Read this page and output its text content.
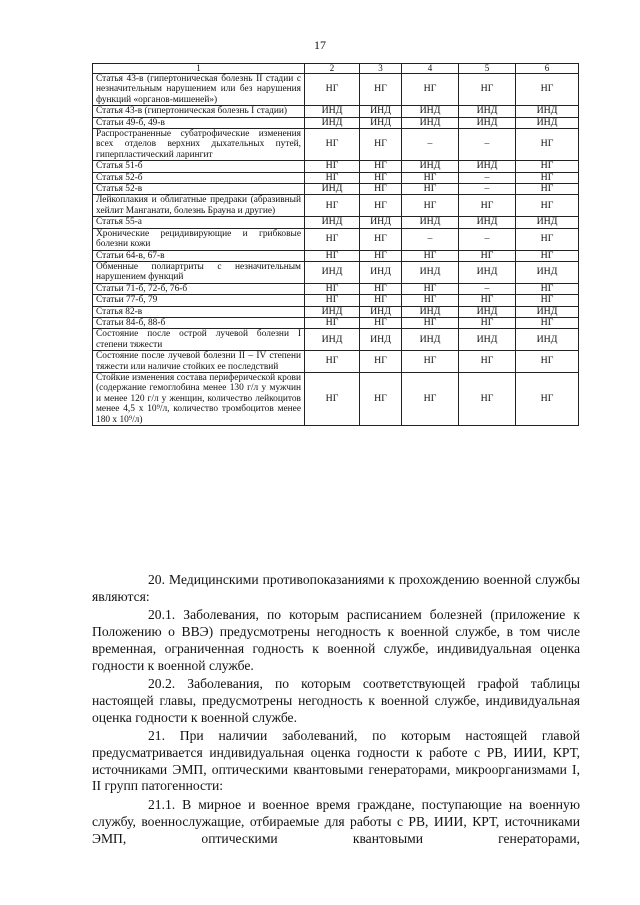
17
1	2	3	4	5	6
Статья 43-в (гипертоническая болезнь II стадии с незначительным нарушением или без нарушения функций «органов-мишеней»)	НГ	НГ	НГ	НГ	НГ
Статья 43-в (гипертоническая болезнь I стадии)	ИНД	ИНД	ИНД	ИНД	ИНД
Статьи 49-б, 49-в	ИНД	ИНД	ИНД	ИНД	ИНД
Распространенные субатрофические изменения всех отделов верхних дыхательных путей, гиперпластический ларингит	НГ	НГ	–	–	НГ
Статья 51-б	НГ	НГ	ИНД	ИНД	НГ
Статья 52-б	НГ	НГ	НГ	–	НГ
Статья 52-в	ИНД	НГ	НГ	–	НГ
Лейкоплакия и облигатные предраки (абразивный хейлит Манганати, болезнь Брауна и другие)	НГ	НГ	НГ	НГ	НГ
Статья 55-а	ИНД	ИНД	ИНД	ИНД	ИНД
Хронические рецидивирующие и грибковые болезни кожи	НГ	НГ	–	–	НГ
Статьи 64-в, 67-в	НГ	НГ	НГ	НГ	НГ
Обменные полиартриты с незначительным нарушением функций	ИНД	ИНД	ИНД	ИНД	ИНД
Статьи 71-б, 72-б, 76-б	НГ	НГ	НГ	–	НГ
Статьи 77-б, 79	НГ	НГ	НГ	НГ	НГ
Статья 82-в	ИНД	ИНД	ИНД	ИНД	ИНД
Статьи 84-б, 88-б	НГ	НГ	НГ	НГ	НГ
Состояние после острой лучевой болезни I степени тяжести	ИНД	ИНД	ИНД	ИНД	ИНД
Состояние после лучевой болезни II – IV степени тяжести или наличие стойких ее последствий	НГ	НГ	НГ	НГ	НГ
Стойкие изменения состава периферической крови (содержание гемоглобина менее 130 г/л у мужчин и менее 120 г/л у женщин, количество лейкоцитов менее 4,5 х 10⁹/л, количество тромбоцитов менее 180 х 10⁹/л)	НГ	НГ	НГ	НГ	НГ

20. Медицинскими противопоказаниями к прохождению военной службы являются:

20.1. Заболевания, по которым расписанием болезней (приложение к Положению о ВВЭ) предусмотрены негодность к военной службе, в том числе временная, ограниченная годность к военной службе, индивидуальная оценка годности к военной службе.

20.2. Заболевания, по которым соответствующей графой таблицы настоящей главы, предусмотрены негодность к военной службе, индивидуальная оценка годности к военной службе.

21. При наличии заболеваний, по которым настоящей главой предусматривается индивидуальная оценка годности к работе с РВ, ИИИ, КРТ, источниками ЭМП, оптическими квантовыми генераторами, микроорганизмами I, II групп патогенности:

21.1. В мирное и военное время граждане, поступающие на военную службу, военнослужащие, отбираемые для работы с РВ, ИИИ, КРТ, источниками ЭМП, оптическими квантовыми генераторами,
